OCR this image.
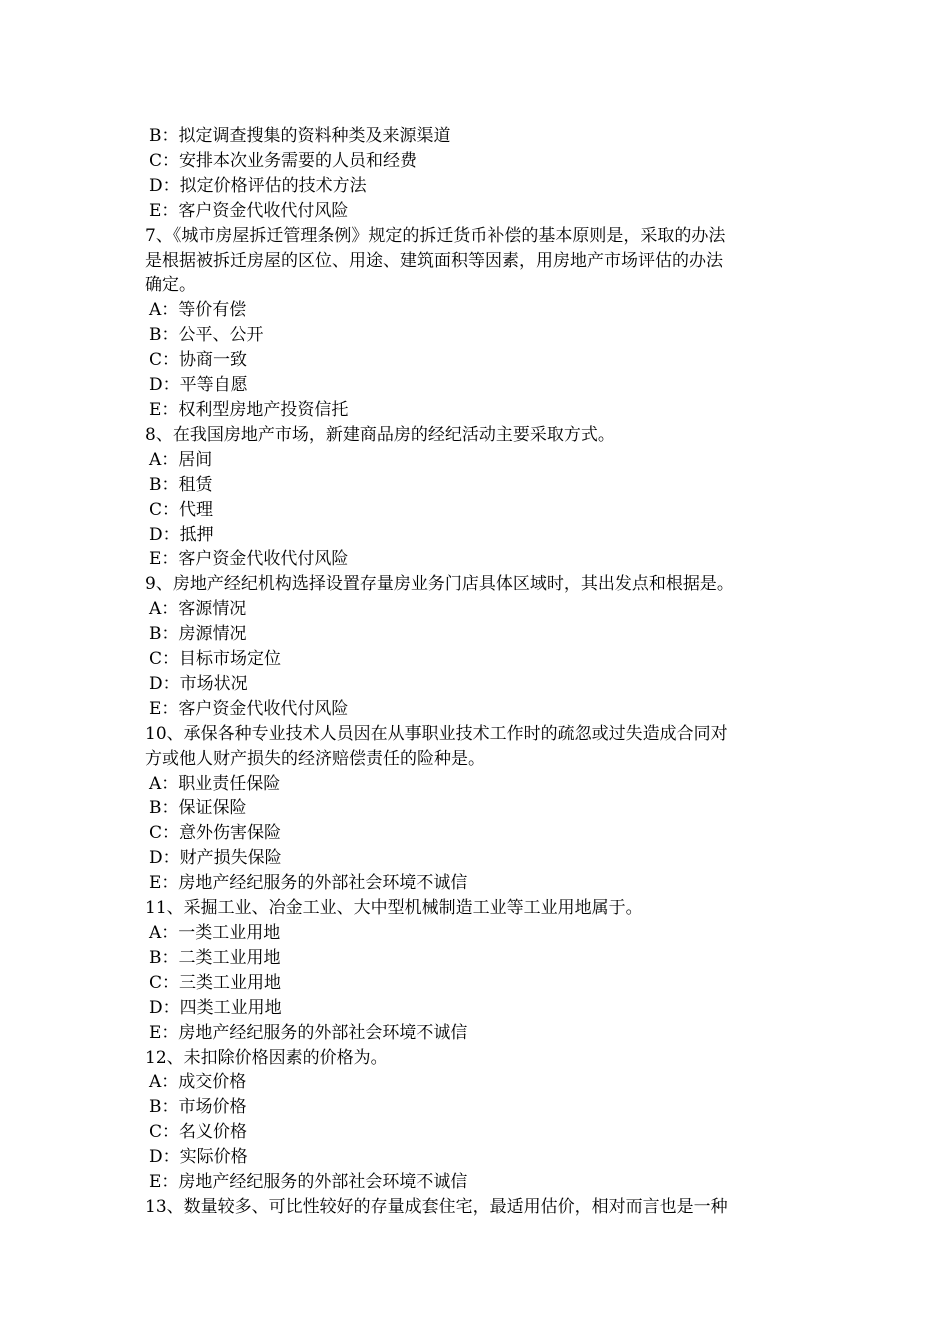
B：拟定调查搜集的资料种类及来源渠道
C：安排本次业务需要的人员和经费
D：拟定价格评估的技术方法
E：客户资金代收代付风险
7、《城市房屋拆迁管理条例》规定的拆迁货币补偿的基本原则是，采取的办法
是根据被拆迁房屋的区位、用途、建筑面积等因素，用房地产市场评估的办法
确定。
A：等价有偿
B：公平、公开
C：协商一致
D：平等自愿
E：权利型房地产投资信托
8、在我国房地产市场，新建商品房的经纪活动主要采取方式。
A：居间
B：租赁
C：代理
D：抵押
E：客户资金代收代付风险
9、房地产经纪机构选择设置存量房业务门店具体区域时，其出发点和根据是。
A：客源情况
B：房源情况
C：目标市场定位
D：市场状况
E：客户资金代收代付风险
10、承保各种专业技术人员因在从事职业技术工作时的疏忽或过失造成合同对
方或他人财产损失的经济赔偿责任的险种是。
A：职业责任保险
B：保证保险
C：意外伤害保险
D：财产损失保险
E：房地产经纪服务的外部社会环境不诚信
11、采掘工业、冶金工业、大中型机械制造工业等工业用地属于。
A：一类工业用地
B：二类工业用地
C：三类工业用地
D：四类工业用地
E：房地产经纪服务的外部社会环境不诚信
12、未扣除价格因素的价格为。
A：成交价格
B：市场价格
C：名义价格
D：实际价格
E：房地产经纪服务的外部社会环境不诚信
13、数量较多、可比性较好的存量成套住宅，最适用估价，相对而言也是一种
